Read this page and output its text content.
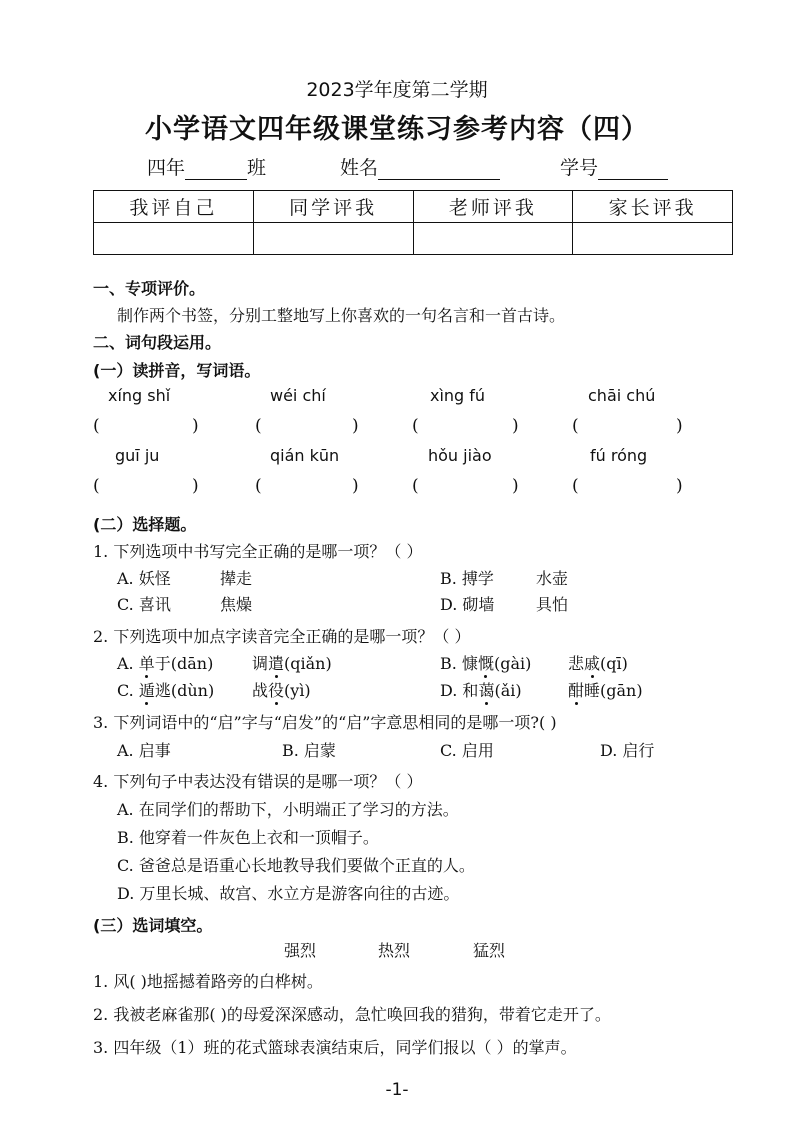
2023学年度第二学期
小学语文四年级课堂练习参考内容（四）
四年	班	姓名	学号
我评自己	同学评我	老师评我	家长评我

一、专项评价。
制作两个书签，分别工整地写上你喜欢的一句名言和一首古诗。
二、词句段运用。
(一）读拼音，写词语。
xíng shǐ	wéi chí	xìng fú	chāi chú
(	)	(	)	(	)	(	)
guī ju	qián kūn	hǒu jiào	fú róng
(	)	(	)	(	)	(	)
(二）选择题。
1. 下列选项中书写完全正确的是哪一项？（ ）
A. 妖怪	撵走	B. 搏学	水壶
C. 喜讯	焦燥	D. 砌墙	具怕
2. 下列选项中加点字读音完全正确的是哪一项？（ ）
A. 单于(dān) 调遣(qiǎn)	B. 慷慨(gài) 悲戚(qī)
C. 遁逃(dùn) 战役(yì)	D. 和蔼(ǎi)	酣睡(gān)
3. 下列词语中的“启”字与“启发”的“启”字意思相同的是哪一项?( )
A. 启事	B. 启蒙	C. 启用	D. 启行
4. 下列句子中表达没有错误的是哪一项？（ ）
A. 在同学们的帮助下，小明端正了学习的方法。
B. 他穿着一件灰色上衣和一顶帽子。
C. 爸爸总是语重心长地教导我们要做个正直的人。
D. 万里长城、故宫、水立方是游客向往的古迹。
(三）选词填空。
强烈	热烈	猛烈
1. 风( )地摇撼着路旁的白桦树。
2. 我被老麻雀那( )的母爱深深感动，急忙唤回我的猎狗，带着它走开了。
3. 四年级（1）班的花式篮球表演结束后，同学们报以（ ）的掌声。
-1-
